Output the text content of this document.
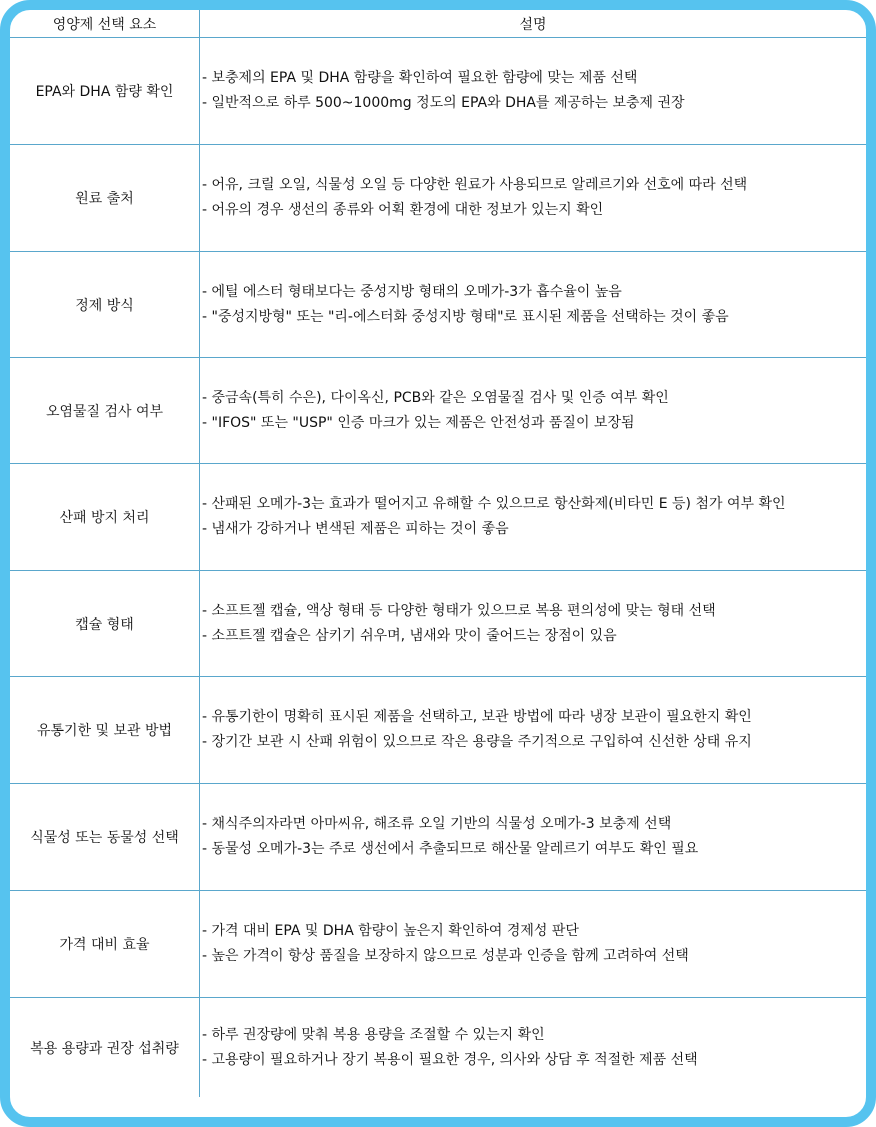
영양제 선택 요소	설명
EPA와 DHA 함량 확인
- 보충제의 EPA 및 DHA 함량을 확인하여 필요한 함량에 맞는 제품 선택
- 일반적으로 하루 500~1000mg 정도의 EPA와 DHA를 제공하는 보충제 권장
원료 출처
- 어유, 크릴 오일, 식물성 오일 등 다양한 원료가 사용되므로 알레르기와 선호에 따라 선택
- 어유의 경우 생선의 종류와 어획 환경에 대한 정보가 있는지 확인
정제 방식
- 에틸 에스터 형태보다는 중성지방 형태의 오메가-3가 흡수율이 높음
- "중성지방형" 또는 "리-에스터화 중성지방 형태"로 표시된 제품을 선택하는 것이 좋음
오염물질 검사 여부
- 중금속(특히 수은), 다이옥신, PCB와 같은 오염물질 검사 및 인증 여부 확인
- "IFOS" 또는 "USP" 인증 마크가 있는 제품은 안전성과 품질이 보장됨
산패 방지 처리
- 산패된 오메가-3는 효과가 떨어지고 유해할 수 있으므로 항산화제(비타민 E 등) 첨가 여부 확인
- 냄새가 강하거나 변색된 제품은 피하는 것이 좋음
캡슐 형태
- 소프트젤 캡슐, 액상 형태 등 다양한 형태가 있으므로 복용 편의성에 맞는 형태 선택
- 소프트젤 캡슐은 삼키기 쉬우며, 냄새와 맛이 줄어드는 장점이 있음
유통기한 및 보관 방법
- 유통기한이 명확히 표시된 제품을 선택하고, 보관 방법에 따라 냉장 보관이 필요한지 확인
- 장기간 보관 시 산패 위험이 있으므로 작은 용량을 주기적으로 구입하여 신선한 상태 유지
식물성 또는 동물성 선택
- 채식주의자라면 아마씨유, 해조류 오일 기반의 식물성 오메가-3 보충제 선택
- 동물성 오메가-3는 주로 생선에서 추출되므로 해산물 알레르기 여부도 확인 필요
가격 대비 효율
- 가격 대비 EPA 및 DHA 함량이 높은지 확인하여 경제성 판단
- 높은 가격이 항상 품질을 보장하지 않으므로 성분과 인증을 함께 고려하여 선택
복용 용량과 권장 섭취량
- 하루 권장량에 맞춰 복용 용량을 조절할 수 있는지 확인
- 고용량이 필요하거나 장기 복용이 필요한 경우, 의사와 상담 후 적절한 제품 선택
